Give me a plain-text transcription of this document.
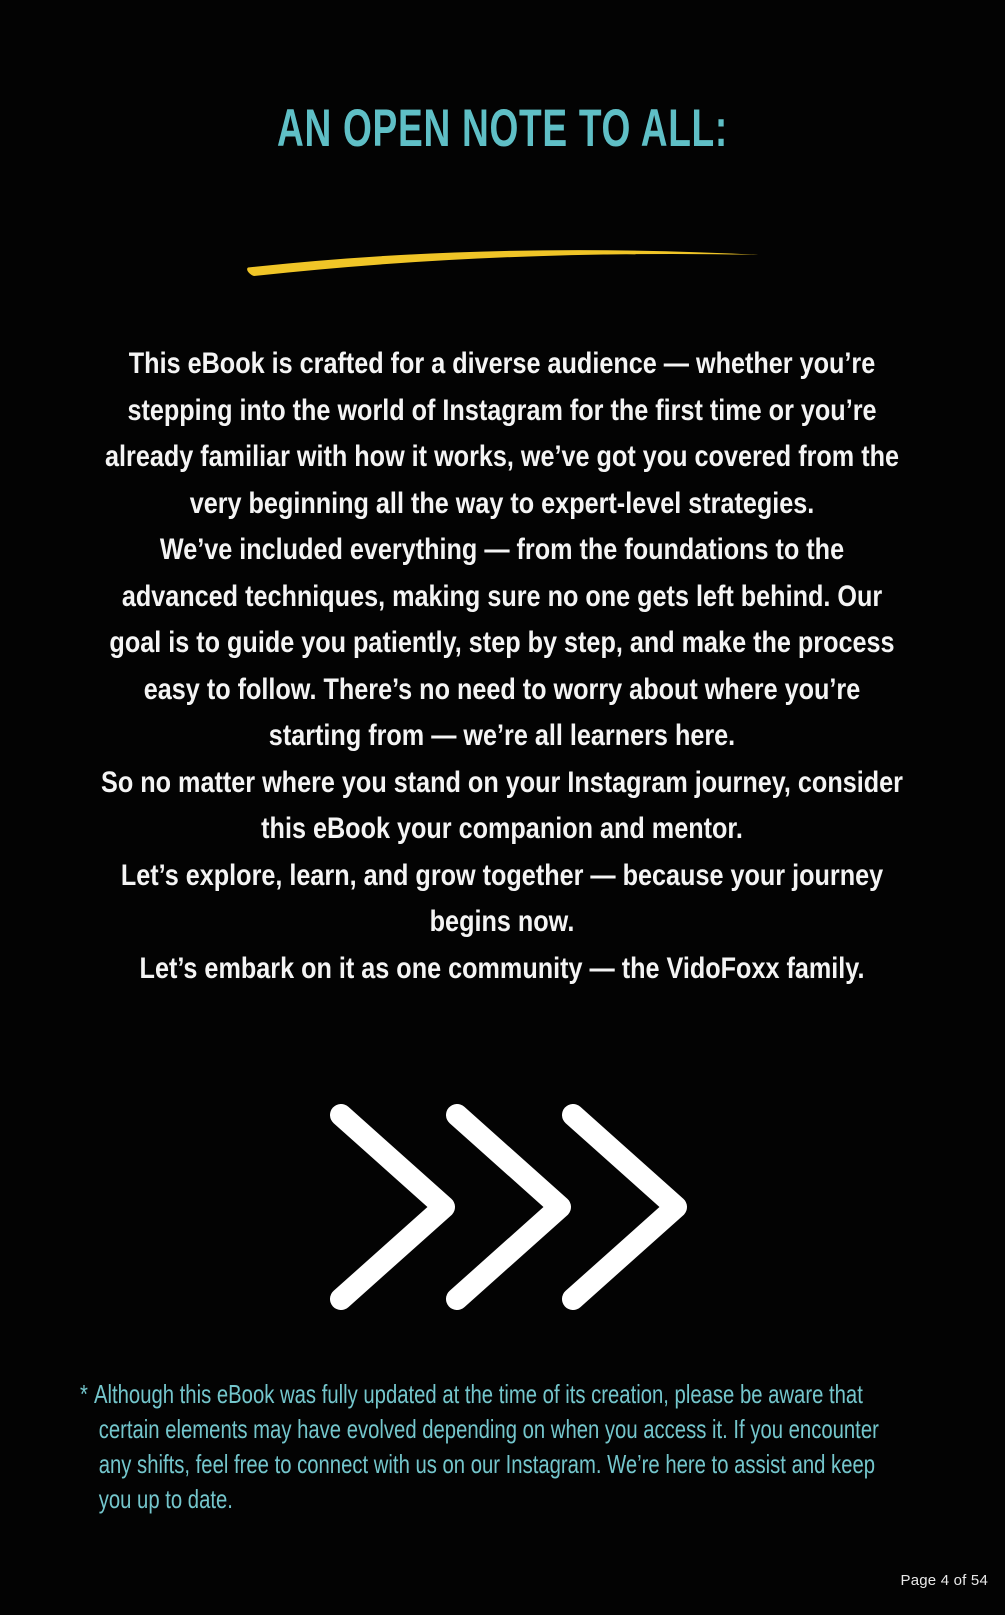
AN OPEN NOTE TO ALL:

This eBook is crafted for a diverse audience — whether you’re stepping into the world of Instagram for the first time or you’re already familiar with how it works, we’ve got you covered from the very beginning all the way to expert-level strategies.

We’ve included everything — from the foundations to the advanced techniques, making sure no one gets left behind. Our goal is to guide you patiently, step by step, and make the process easy to follow. There’s no need to worry about where you’re starting from — we’re all learners here.

So no matter where you stand on your Instagram journey, consider this eBook your companion and mentor.

Let’s explore, learn, and grow together — because your journey begins now.

Let’s embark on it as one community — the VidoFoxx family.

* Although this eBook was fully updated at the time of its creation, please be aware that certain elements may have evolved depending on when you access it. If you encounter any shifts, feel free to connect with us on our Instagram. We’re here to assist and keep you up to date.
Page 4 of 54
